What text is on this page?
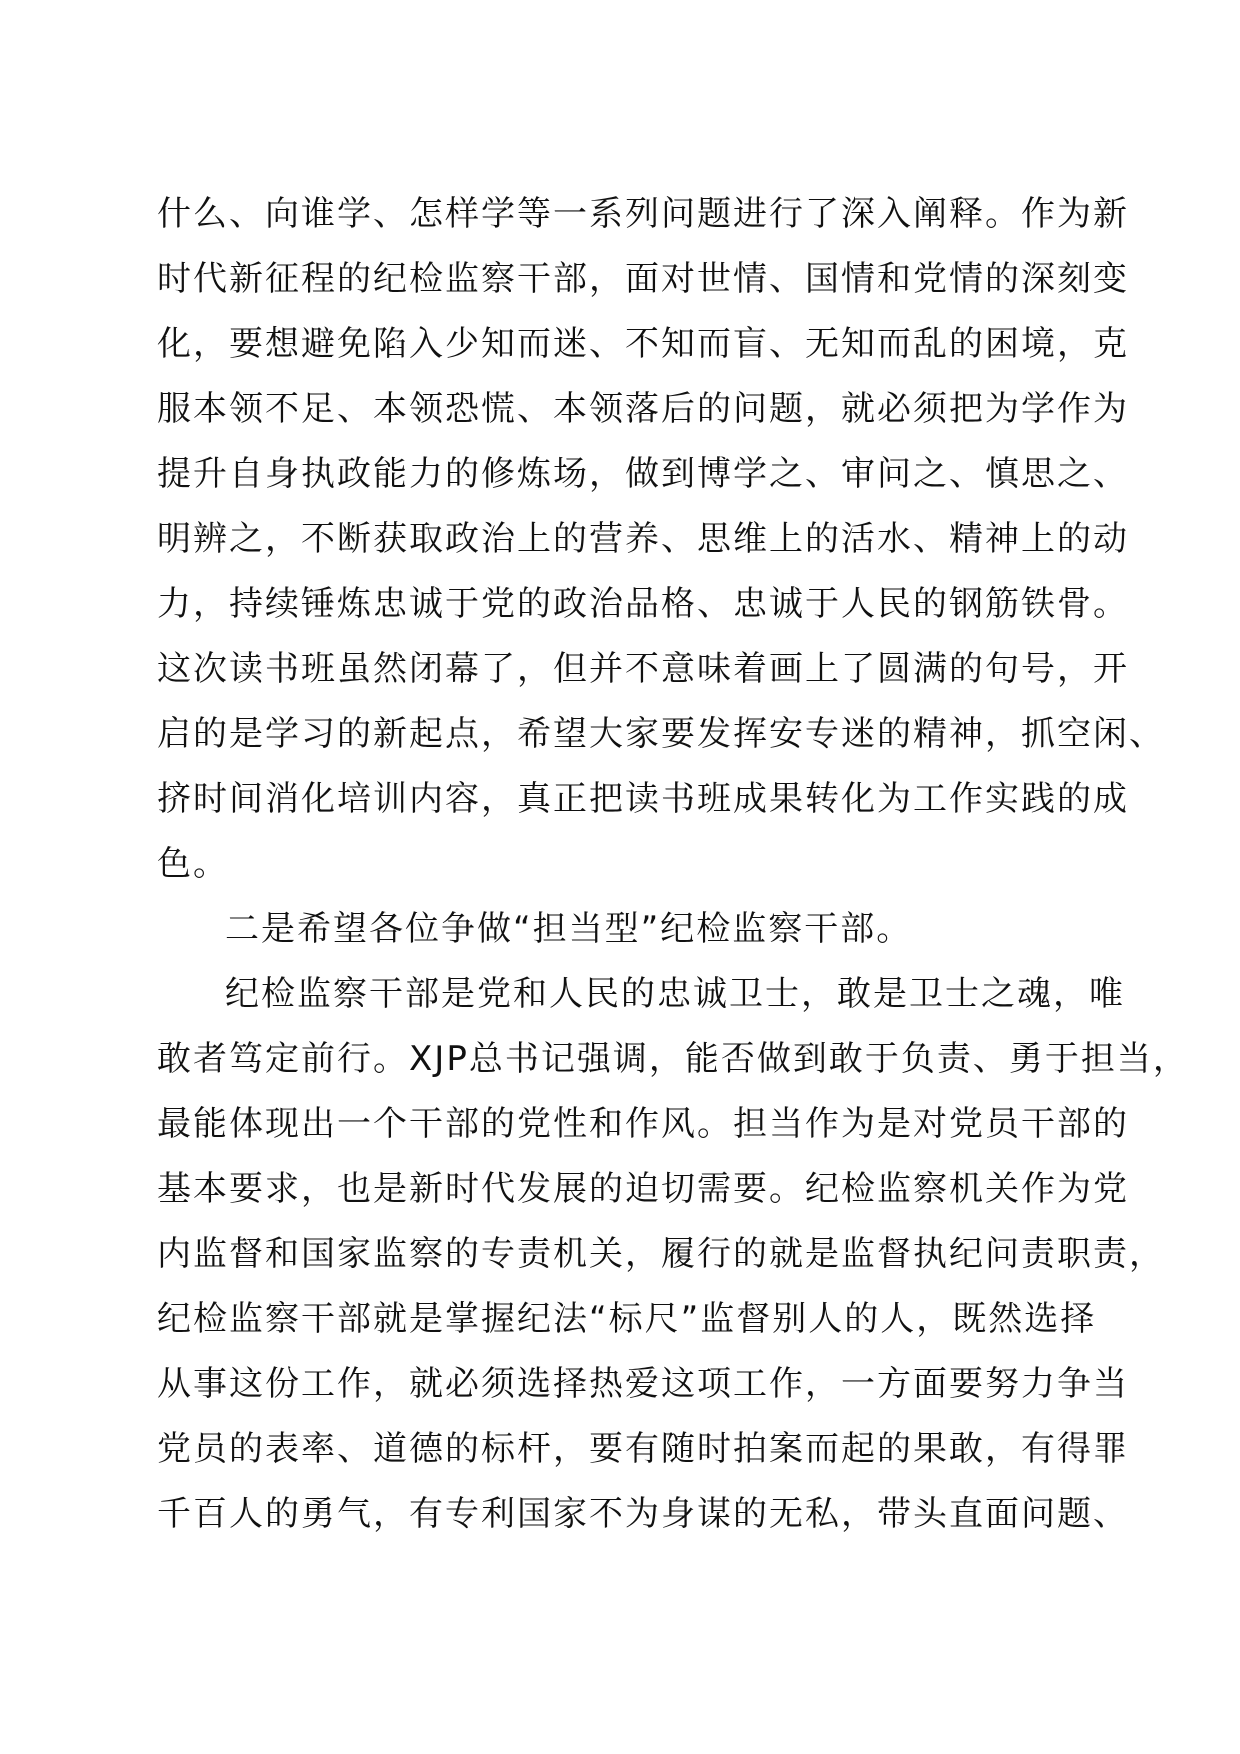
什么、向谁学、怎样学等一系列问题进行了深入阐释。作为新
时代新征程的纪检监察干部，面对世情、国情和党情的深刻变
化，要想避免陷入少知而迷、不知而盲、无知而乱的困境，克
服本领不足、本领恐慌、本领落后的问题，就必须把为学作为
提升自身执政能力的修炼场，做到博学之、审问之、慎思之、
明辨之，不断获取政治上的营养、思维上的活水、精神上的动
力，持续锤炼忠诚于党的政治品格、忠诚于人民的钢筋铁骨。
这次读书班虽然闭幕了，但并不意味着画上了圆满的句号，开
启的是学习的新起点，希望大家要发挥安专迷的精神，抓空闲、
挤时间消化培训内容，真正把读书班成果转化为工作实践的成
色。
二是希望各位争做“担当型”纪检监察干部。
纪检监察干部是党和人民的忠诚卫士，敢是卫士之魂，唯
敢者笃定前行。XJP总书记强调，能否做到敢于负责、勇于担当，
最能体现出一个干部的党性和作风。担当作为是对党员干部的
基本要求，也是新时代发展的迫切需要。纪检监察机关作为党
内监督和国家监察的专责机关，履行的就是监督执纪问责职责，
纪检监察干部就是掌握纪法“标尺”监督别人的人，既然选择
从事这份工作，就必须选择热爱这项工作，一方面要努力争当
党员的表率、道德的标杆，要有随时拍案而起的果敢，有得罪
千百人的勇气，有专利国家不为身谋的无私，带头直面问题、
